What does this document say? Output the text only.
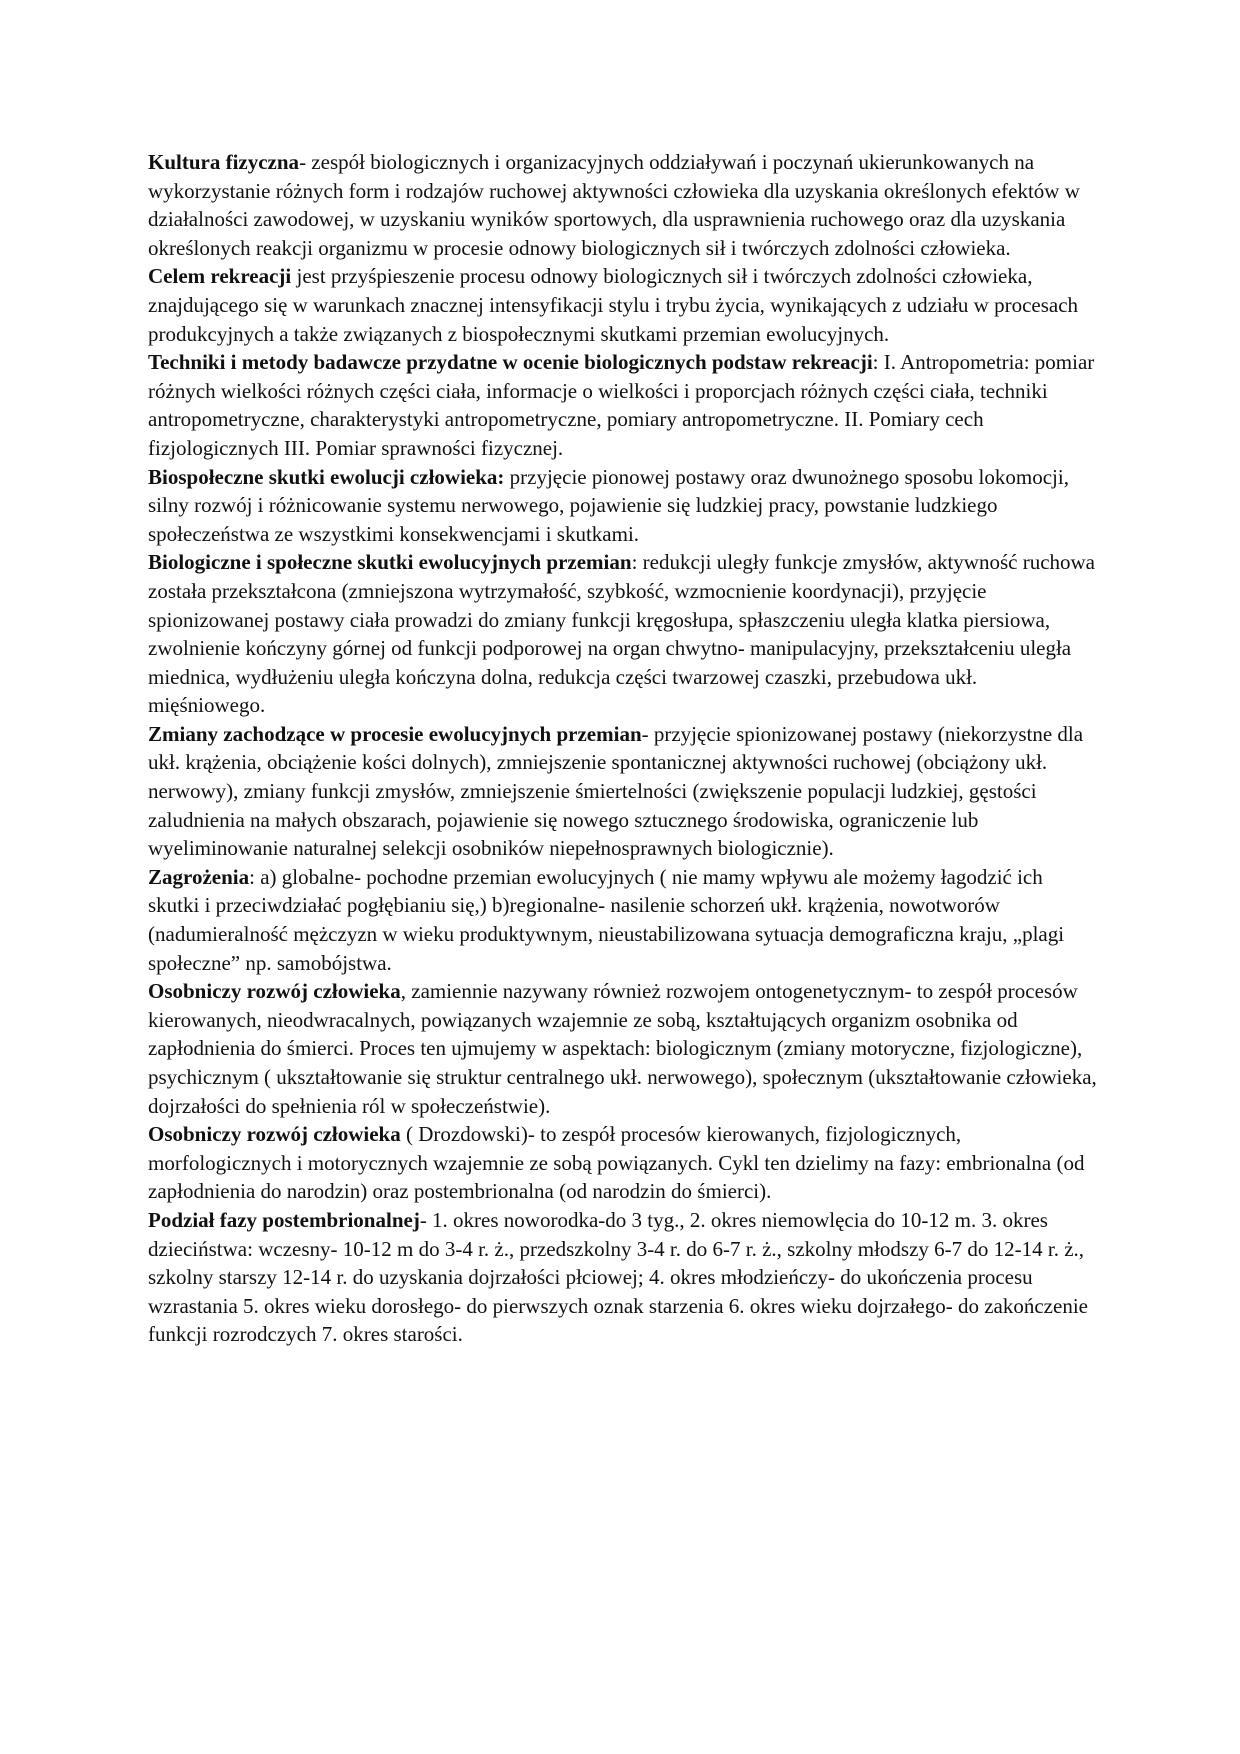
Kultura fizyczna- zespół biologicznych i organizacyjnych oddziaływań i poczynań ukierunkowanych na wykorzystanie różnych form i rodzajów ruchowej aktywności człowieka dla uzyskania określonych efektów w działalności zawodowej, w uzyskaniu wyników sportowych, dla usprawnienia ruchowego oraz dla uzyskania określonych reakcji organizmu w procesie odnowy biologicznych sił i twórczych zdolności człowieka.

Celem rekreacji jest przyśpieszenie procesu odnowy biologicznych sił i twórczych zdolności człowieka, znajdującego się w warunkach znacznej intensyfikacji stylu i trybu życia, wynikających z udziału w procesach produkcyjnych a także związanych z biospołecznymi skutkami przemian ewolucyjnych.

Techniki i metody badawcze przydatne w ocenie biologicznych podstaw rekreacji: I. Antropometria: pomiar różnych wielkości różnych części ciała, informacje o wielkości i proporcjach różnych części ciała, techniki antropometryczne, charakterystyki antropometryczne, pomiary antropometryczne. II. Pomiary cech fizjologicznych III. Pomiar sprawności fizycznej.

Biospołeczne skutki ewolucji człowieka: przyjęcie pionowej postawy oraz dwunożnego sposobu lokomocji, silny rozwój i różnicowanie systemu nerwowego, pojawienie się ludzkiej pracy, powstanie ludzkiego społeczeństwa ze wszystkimi konsekwencjami i skutkami.

Biologiczne i społeczne skutki ewolucyjnych przemian: redukcji uległy funkcje zmysłów, aktywność ruchowa została przekształcona (zmniejszona wytrzymałość, szybkość, wzmocnienie koordynacji), przyjęcie spionizowanej postawy ciała prowadzi do zmiany funkcji kręgosłupa, spłaszczeniu uległa klatka piersiowa, zwolnienie kończyny górnej od funkcji podporowej na organ chwytno- manipulacyjny, przekształceniu uległa miednica, wydłużeniu uległa kończyna dolna, redukcja części twarzowej czaszki, przebudowa ukł. mięśniowego.

Zmiany zachodzące w procesie ewolucyjnych przemian- przyjęcie spionizowanej postawy (niekorzystne dla ukł. krążenia, obciążenie kości dolnych), zmniejszenie spontanicznej aktywności ruchowej (obciążony ukł. nerwowy), zmiany funkcji zmysłów, zmniejszenie śmiertelności (zwiększenie populacji ludzkiej, gęstości zaludnienia na małych obszarach, pojawienie się nowego sztucznego środowiska, ograniczenie lub wyeliminowanie naturalnej selekcji osobników niepełnosprawnych biologicznie).

Zagrożenia: a) globalne- pochodne przemian ewolucyjnych ( nie mamy wpływu ale możemy łagodzić ich skutki i przeciwdziałać pogłębianiu się,) b)regionalne- nasilenie schorzeń ukł. krążenia, nowotworów (nadumieralność mężczyzn w wieku produktywnym, nieustabilizowana sytuacja demograficzna kraju, „plagi społeczne” np. samobójstwa.

Osobniczy rozwój człowieka, zamiennie nazywany również rozwojem ontogenetycznym- to zespół procesów kierowanych, nieodwracalnych, powiązanych wzajemnie ze sobą, kształtujących organizm osobnika od zapłodnienia do śmierci. Proces ten ujmujemy w aspektach: biologicznym (zmiany motoryczne, fizjologiczne), psychicznym ( ukształtowanie się struktur centralnego ukł. nerwowego), społecznym (ukształtowanie człowieka, dojrzałości do spełnienia ról w społeczeństwie).

Osobniczy rozwój człowieka ( Drozdowski)- to zespół procesów kierowanych, fizjologicznych, morfologicznych i motorycznych wzajemnie ze sobą powiązanych. Cykl ten dzielimy na fazy: embrionalna (od zapłodnienia do narodzin) oraz postembrionalna (od narodzin do śmierci).

Podział fazy postembrionalnej- 1. okres noworodka-do 3 tyg., 2. okres niemowlęcia do 10-12 m. 3. okres dzieciństwa: wczesny- 10-12 m do 3-4 r. ż., przedszkolny 3-4 r. do 6-7 r. ż., szkolny młodszy 6-7 do 12-14 r. ż., szkolny starszy 12-14 r. do uzyskania dojrzałości płciowej; 4. okres młodzieńczy- do ukończenia procesu wzrastania 5. okres wieku dorosłego- do pierwszych oznak starzenia 6. okres wieku dojrzałego- do zakończenie funkcji rozrodczych 7. okres starości.
